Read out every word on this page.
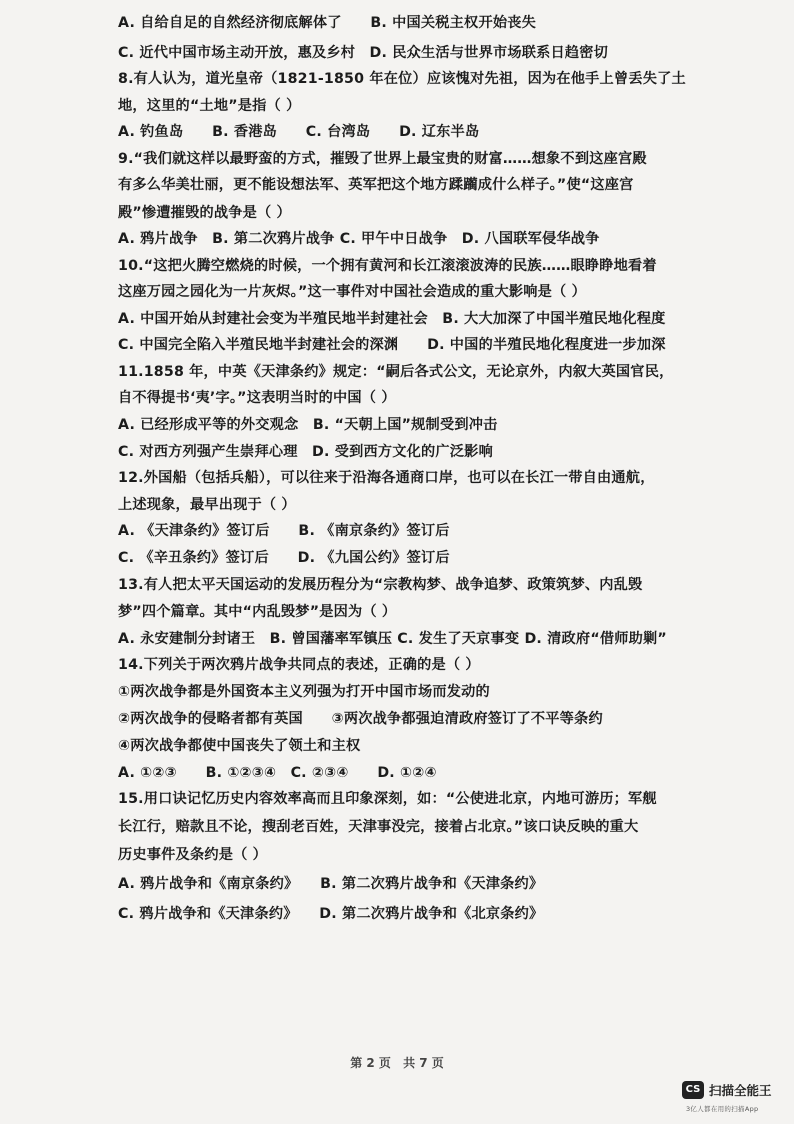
A. 自给自足的自然经济彻底解体了　　B. 中国关税主权开始丧失
C. 近代中国市场主动开放，惠及乡村　D. 民众生活与世界市场联系日趋密切
8.有人认为，道光皇帝（1821-1850 年在位）应该愧对先祖，因为在他手上曾丢失了土
地，这里的“土地”是指（ ）
A. 钓鱼岛　　B. 香港岛　　C. 台湾岛　　D. 辽东半岛
9.“我们就这样以最野蛮的方式，摧毁了世界上最宝贵的财富……想象不到这座宫殿
有多么华美壮丽，更不能设想法军、英军把这个地方蹂躏成什么样子。”使“这座宫
殿”惨遭摧毁的战争是（ ）
A. 鸦片战争　B. 第二次鸦片战争 C. 甲午中日战争　D. 八国联军侵华战争
10.“这把火腾空燃烧的时候，一个拥有黄河和长江滚滚波涛的民族……眼睁睁地看着
这座万园之园化为一片灰烬。”这一事件对中国社会造成的重大影响是（ ）
A. 中国开始从封建社会变为半殖民地半封建社会　B. 大大加深了中国半殖民地化程度
C. 中国完全陷入半殖民地半封建社会的深渊　　D. 中国的半殖民地化程度进一步加深
11.1858 年，中英《天津条约》规定：“嗣后各式公文，无论京外，内叙大英国官民，
自不得提书‘夷’字。”这表明当时的中国（ ）
A. 已经形成平等的外交观念　B. “天朝上国”规制受到冲击
C. 对西方列强产生崇拜心理　D. 受到西方文化的广泛影响
12.外国船（包括兵船），可以往来于沿海各通商口岸，也可以在长江一带自由通航，
上述现象，最早出现于（ ）
A. 《天津条约》签订后　　B. 《南京条约》签订后
C. 《辛丑条约》签订后　　D. 《九国公约》签订后
13.有人把太平天国运动的发展历程分为“宗教构梦、战争追梦、政策筑梦、内乱毁
梦”四个篇章。其中“内乱毁梦”是因为（ ）
A. 永安建制分封诸王　B. 曾国藩率军镇压 C. 发生了天京事变 D. 清政府“借师助剿”
14.下列关于两次鸦片战争共同点的表述，正确的是（ ）
①两次战争都是外国资本主义列强为打开中国市场而发动的
②两次战争的侵略者都有英国　　③两次战争都强迫清政府签订了不平等条约
④两次战争都使中国丧失了领土和主权
A. ①②③　　B. ①②③④　C. ②③④　　D. ①②④
15.用口诀记忆历史内容效率高而且印象深刻，如：“公使进北京，内地可游历；军舰
长江行，赔款且不论，搜刮老百姓，天津事没完，接着占北京。”该口诀反映的重大
历史事件及条约是（ ）
A. 鸦片战争和《南京条约》　　B. 第二次鸦片战争和《天津条约》
C. 鸦片战争和《天津条约》　　D. 第二次鸦片战争和《北京条约》
第 2 页 共 7 页
CS 扫描全能王
3亿人都在用的扫描App
